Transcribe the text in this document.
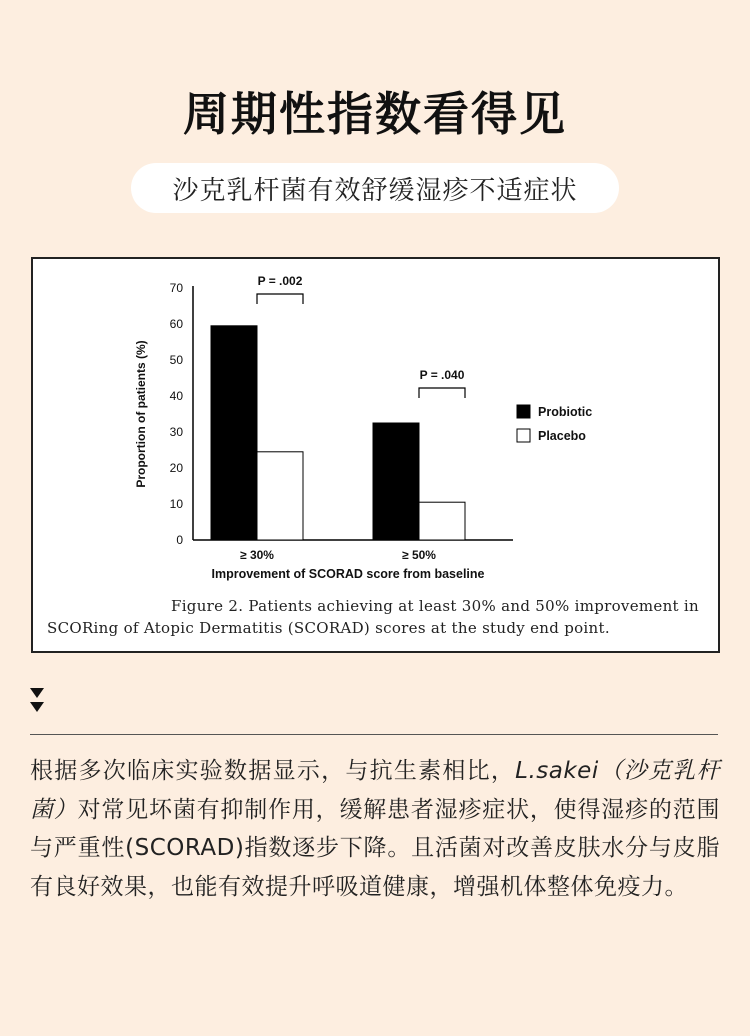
周期性指数看得见
沙克乳杆菌有效舒缓湿疹不适症状
0
10
20
30
40
50
60
70
Proportion of patients (%)
≥ 30%	≥ 50%
Improvement of SCORAD score from baseline
P = .002
P = .040
Probiotic
Placebo
Figure 2. Patients achieving at least 30% and 50% improvement in
SCORing of Atopic Dermatitis (SCORAD) scores at the study end point.
根据多次临床实验数据显示，与抗生素相比，L.sakei（沙克乳杆菌）对常见坏菌有抑制作用，缓解患者湿疹症状，使得湿疹的范围与严重性(SCORAD)指数逐步下降。且活菌对改善皮肤水分与皮脂有良好效果，也能有效提升呼吸道健康，增强机体整体免疫力。
